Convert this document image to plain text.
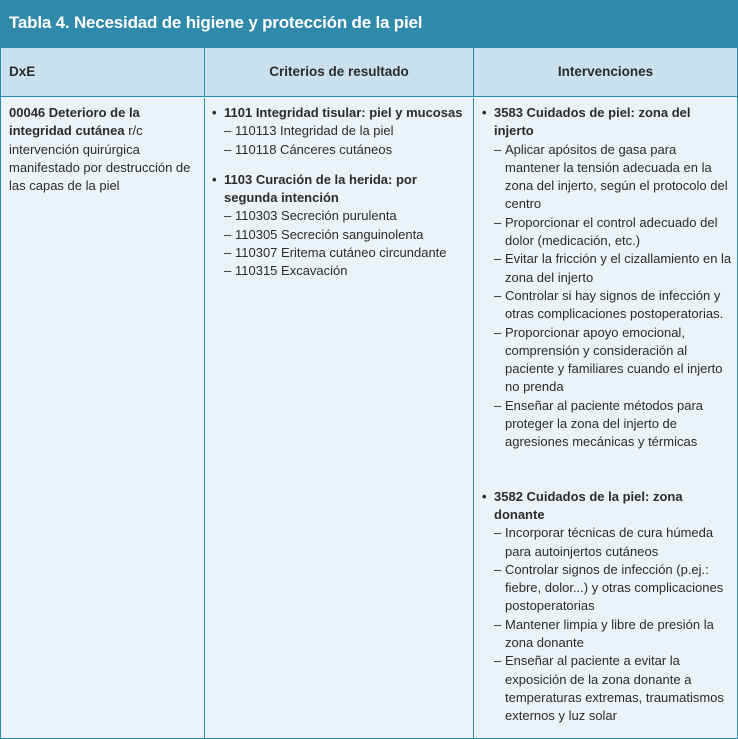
Tabla 4. Necesidad de higiene y protección de la piel
DxE	Criterios de resultado	Intervenciones
00046 Deterioro de la integridad cutánea r/c intervención quirúrgica manifestado por destrucción de las capas de la piel
• 1101 Integridad tisular: piel y mucosas
– 110113 Integridad de la piel
– 110118 Cánceres cutáneos
• 1103 Curación de la herida: por segunda intención
– 110303 Secreción purulenta
– 110305 Secreción sanguinolenta
– 110307 Eritema cutáneo circundante
– 110315 Excavación
• 3583 Cuidados de piel: zona del injerto
– Aplicar apósitos de gasa para mantener la tensión adecuada en la zona del injerto, según el protocolo del centro
– Proporcionar el control adecuado del dolor (medicación, etc.)
– Evitar la fricción y el cizallamiento en la zona del injerto
– Controlar si hay signos de infección y otras complicaciones postoperatorias.
– Proporcionar apoyo emocional, comprensión y consideración al paciente y familiares cuando el injerto no prenda
– Enseñar al paciente métodos para proteger la zona del injerto de agresiones mecánicas y térmicas
• 3582 Cuidados de la piel: zona donante
– Incorporar técnicas de cura húmeda para autoinjertos cutáneos
– Controlar signos de infección (p.ej.: fiebre, dolor...) y otras complicaciones postoperatorias
– Mantener limpia y libre de presión la zona donante
– Enseñar al paciente a evitar la exposición de la zona donante a temperaturas extremas, traumatismos externos y luz solar
